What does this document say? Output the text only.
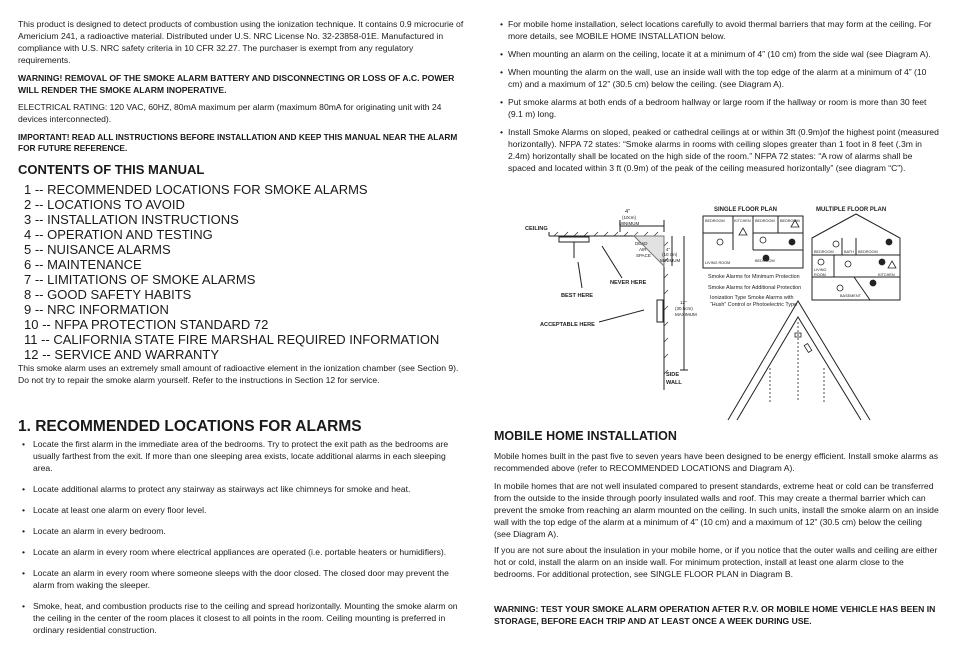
This product is designed to detect products of combustion using the ionization technique. It contains 0.9 microcurie of Americium 241, a radioactive material. Distributed under U.S. NRC License No. 32-23858-01E. Manufactured in compliance with U.S. NRC safety criteria in 10 CFR 32.27. The purchaser is exempt from any regulatory requirements.

WARNING! REMOVAL OF THE SMOKE ALARM BATTERY AND DISCONNECTING OR LOSS OF A.C. POWER WILL RENDER THE SMOKE ALARM INOPERATIVE.

ELECTRICAL RATING: 120 VAC, 60HZ, 80mA maximum per alarm (maximum 80mA for originating unit with 24 devices interconnected).

IMPORTANT! READ ALL INSTRUCTIONS BEFORE INSTALLATION AND KEEP THIS MANUAL NEAR THE ALARM FOR FUTURE REFERENCE.

CONTENTS OF THIS MANUAL
1 -- RECOMMENDED LOCATIONS FOR SMOKE ALARMS
2 -- LOCATIONS TO AVOID
3 -- INSTALLATION INSTRUCTIONS
4 -- OPERATION AND TESTING
5 -- NUISANCE ALARMS
6 -- MAINTENANCE
7 -- LIMITATIONS OF SMOKE ALARMS
8 -- GOOD SAFETY HABITS
9 -- NRC INFORMATION
10 -- NFPA PROTECTION STANDARD 72
11 -- CALIFORNIA STATE FIRE MARSHAL REQUIRED INFORMATION
12 -- SERVICE AND WARRANTY

This smoke alarm uses an extremely small amount of radioactive element in the ionization chamber (see Section 9). Do not try to repair the smoke alarm yourself. Refer to the instructions in Section 12 for service.

1. RECOMMENDED LOCATIONS FOR ALARMS
• Locate the first alarm in the immediate area of the bedrooms. Try to protect the exit path as the bedrooms are usually farthest from the exit. If more than one sleeping area exists, locate additional alarms in each sleeping area.
• Locate additional alarms to protect any stairway as stairways act like chimneys for smoke and heat.
• Locate at least one alarm on every floor level.
• Locate an alarm in every bedroom.
• Locate an alarm in every room where electrical appliances are operated (i.e. portable heaters or humidifiers).
• Locate an alarm in every room where someone sleeps with the door closed. The closed door may prevent the alarm from waking the sleeper.
• Smoke, heat, and combustion products rise to the ceiling and spread horizontally. Mounting the smoke alarm on the ceiling in the center of the room places it closest to all points in the room. Ceiling mounting is preferred in ordinary residential construction.
• For mobile home installation, select locations carefully to avoid thermal barriers that may form at the ceiling. For more details, see MOBILE HOME INSTALLATION below.
• When mounting an alarm on the ceiling, locate it at a minimum of 4” (10 cm) from the side wal (see Diagram A).
• When mounting the alarm on the wall, use an inside wall with the top edge of the alarm at a minimum of 4” (10 cm) and a maximum of 12” (30.5 cm) below the ceiling. (see Diagram A).
• Put smoke alarms at both ends of a bedroom hallway or large room if the hallway or room is more than 30 feet (9.1 m) long.
• Install Smoke Alarms on sloped, peaked or cathedral ceilings at or within 3ft (0.9m)of the highest point (measured horizontally). NFPA 72 states: “Smoke alarms in rooms with ceiling slopes greater than 1 foot in 8 feet (.3m in 2.4m) horizontally shall be located on the high side of the room.” NFPA 72 states: “A row of alarms shall be spaced and located within 3 ft (0.9m) of the peak of the ceiling measured horizontally” (see diagram “C”).
CEILING
4”
(10cm)
MINIMUM
DEAD
AIR
SPACE
4”
(10 cm)
MINIMUM
NEVER HERE
BEST HERE
12”
(30.5cm)
MAXIMUM
ACCEPTABLE HERE
SIDE
WALL
SINGLE FLOOR PLAN	MULTIPLE FLOOR PLAN
BEDROOM KITCHEN BEDROOM BEDROOM
LIVING ROOM	BEDROOM
BEDROOM	BATH BEDROOM
LIVING
ROOM	KITCHEN
BASEMENT
Smoke Alarms for Minimum Protection
Smoke Alarms for Additional Protection
Ionization Type Smoke Alarms with
“Hush” Control or Photoelectric Type
MOBILE HOME INSTALLATION

Mobile homes built in the past five to seven years have been designed to be energy efficient. Install smoke alarms as recommended above (refer to RECOMMENDED LOCATIONS and Diagram A).

In mobile homes that are not well insulated compared to present standards, extreme heat or cold can be transferred from the outside to the inside through poorly insulated walls and roof. This may create a thermal barrier which can prevent the smoke from reaching an alarm mounted on the ceiling. In such units, install the smoke alarm on an inside wall with the top edge of the alarm at a minimum of 4” (10 cm) and a maximum of 12” (30.5 cm) below the ceiling (see Diagram A).

If you are not sure about the insulation in your mobile home, or if you notice that the outer walls and ceiling are either hot or cold, install the alarm on an inside wall. For minimum protection, install at least one alarm close to the bedrooms. For additional protection, see SINGLE FLOOR PLAN in Diagram B.

WARNING: TEST YOUR SMOKE ALARM OPERATION AFTER R.V. OR MOBILE HOME VEHICLE HAS BEEN IN STORAGE, BEFORE EACH TRIP AND AT LEAST ONCE A WEEK DURING USE.
